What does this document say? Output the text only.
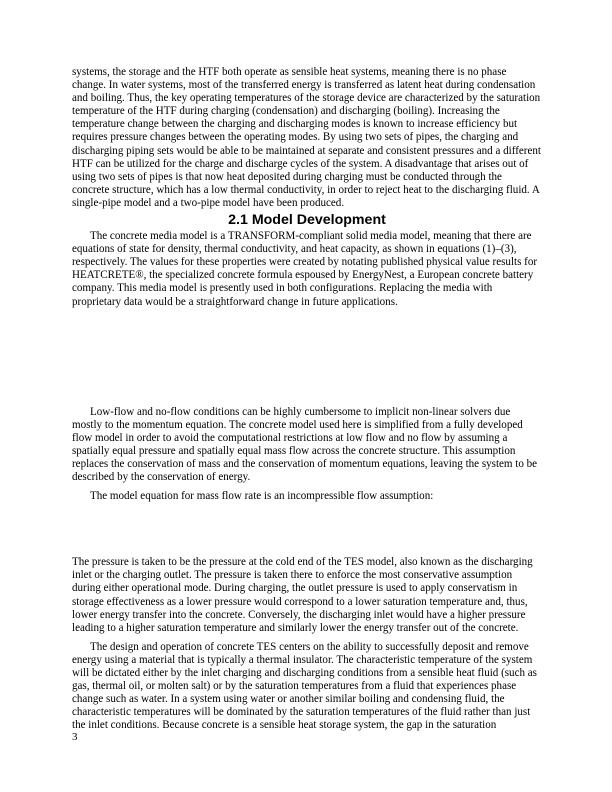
systems, the storage and the HTF both operate as sensible heat systems, meaning there is no phase change. In water systems, most of the transferred energy is transferred as latent heat during condensation and boiling. Thus, the key operating temperatures of the storage device are characterized by the saturation temperature of the HTF during charging (condensation) and discharging (boiling). Increasing the temperature change between the charging and discharging modes is known to increase efficiency but requires pressure changes between the operating modes. By using two sets of pipes, the charging and discharging piping sets would be able to be maintained at separate and consistent pressures and a different HTF can be utilized for the charge and discharge cycles of the system. A disadvantage that arises out of using two sets of pipes is that now heat deposited during charging must be conducted through the concrete structure, which has a low thermal conductivity, in order to reject heat to the discharging fluid. A single-pipe model and a two-pipe model have been produced.

2.1 Model Development

The concrete media model is a TRANSFORM-compliant solid media model, meaning that there are equations of state for density, thermal conductivity, and heat capacity, as shown in equations (1)–(3), respectively. The values for these properties were created by notating published physical value results for HEATCRETE®, the specialized concrete formula espoused by EnergyNest, a European concrete battery company. This media model is presently used in both configurations. Replacing the media with proprietary data would be a straightforward change in future applications.

Low-flow and no-flow conditions can be highly cumbersome to implicit non-linear solvers due mostly to the momentum equation. The concrete model used here is simplified from a fully developed flow model in order to avoid the computational restrictions at low flow and no flow by assuming a spatially equal pressure and spatially equal mass flow across the concrete structure. This assumption replaces the conservation of mass and the conservation of momentum equations, leaving the system to be described by the conservation of energy.

The model equation for mass flow rate is an incompressible flow assumption:

The pressure is taken to be the pressure at the cold end of the TES model, also known as the discharging inlet or the charging outlet. The pressure is taken there to enforce the most conservative assumption during either operational mode. During charging, the outlet pressure is used to apply conservatism in storage effectiveness as a lower pressure would correspond to a lower saturation temperature and, thus, lower energy transfer into the concrete. Conversely, the discharging inlet would have a higher pressure leading to a higher saturation temperature and similarly lower the energy transfer out of the concrete.

The design and operation of concrete TES centers on the ability to successfully deposit and remove energy using a material that is typically a thermal insulator. The characteristic temperature of the system will be dictated either by the inlet charging and discharging conditions from a sensible heat fluid (such as gas, thermal oil, or molten salt) or by the saturation temperatures from a fluid that experiences phase change such as water. In a system using water or another similar boiling and condensing fluid, the characteristic temperatures will be dominated by the saturation temperatures of the fluid rather than just the inlet conditions. Because concrete is a sensible heat storage system, the gap in the saturation

3
